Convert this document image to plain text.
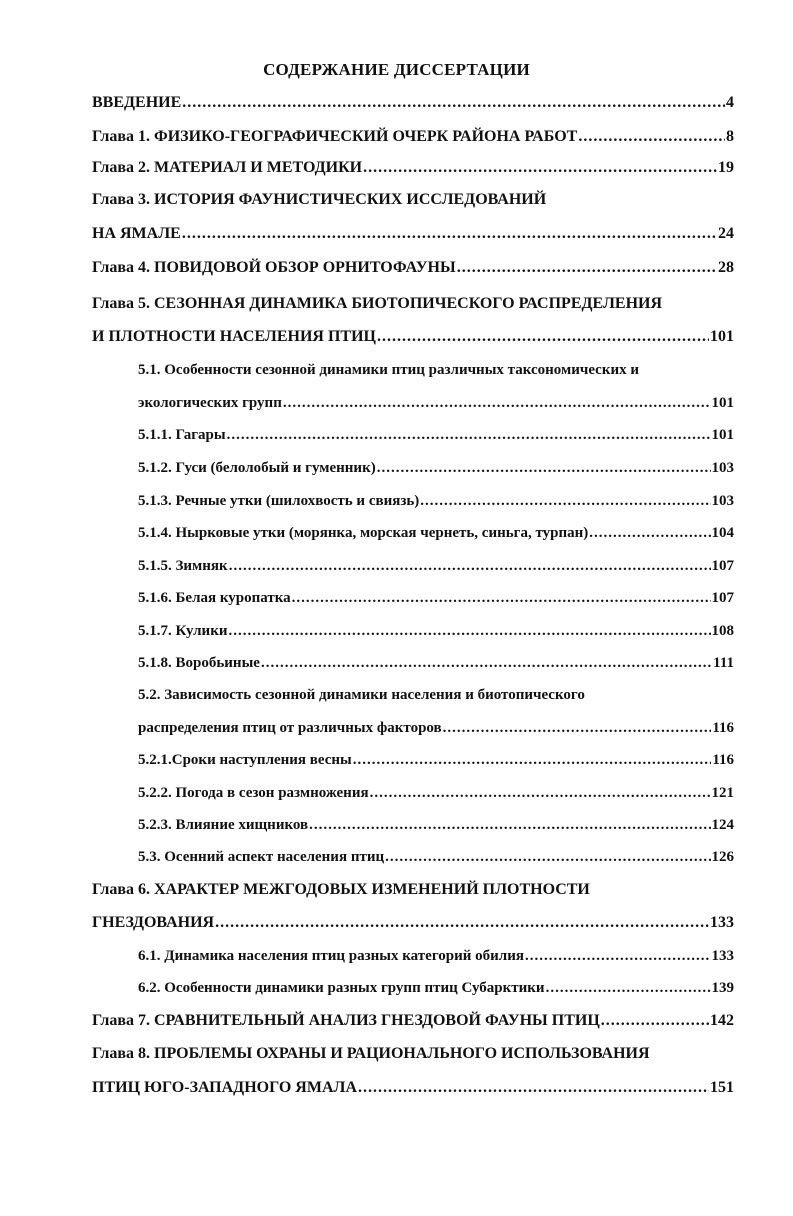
СОДЕРЖАНИЕ ДИССЕРТАЦИИ
ВВЕДЕНИЕ .....	4
Глава 1. ФИЗИКО-ГЕОГРАФИЧЕСКИЙ ОЧЕРК РАЙОНА РАБОТ .....	8
Глава 2. МАТЕРИАЛ И МЕТОДИКИ .....	19
Глава 3. ИСТОРИЯ ФАУНИСТИЧЕСКИХ ИССЛЕДОВАНИЙ
НА ЯМАЛЕ .....	24
Глава 4. ПОВИДОВОЙ ОБЗОР ОРНИТОФАУНЫ .....	28
Глава 5. СЕЗОННАЯ ДИНАМИКА БИОТОПИЧЕСКОГО РАСПРЕДЕЛЕНИЯ
И ПЛОТНОСТИ НАСЕЛЕНИЯ ПТИЦ .....	101
5.1. Особенности сезонной динамики птиц различных таксономических и
экологических групп .....	101
5.1.1. Гагары .....	101
5.1.2. Гуси (белолобый и гуменник) .....	103
5.1.3. Речные утки (шилохвость и свиязь) .....	103
5.1.4. Нырковые утки (морянка, морская чернеть, синьга, турпан) .....	104
5.1.5. Зимняк .....	107
5.1.6. Белая куропатка .....	107
5.1.7. Кулики .....	108
5.1.8. Воробьиные .....	111
5.2. Зависимость сезонной динамики населения и биотопического
распределения птиц от различных факторов .....	116
5.2.1.Сроки наступления весны .....	116
5.2.2. Погода в сезон размножения .....	121
5.2.3. Влияние хищников .....	124
5.3. Осенний аспект населения птиц .....	126
Глава 6. ХАРАКТЕР МЕЖГОДОВЫХ ИЗМЕНЕНИЙ ПЛОТНОСТИ
ГНЕЗДОВАНИЯ .....	133
6.1. Динамика населения птиц разных категорий обилия .....	133
6.2. Особенности динамики разных групп птиц Субарктики .....	139
Глава 7. СРАВНИТЕЛЬНЫЙ АНАЛИЗ ГНЕЗДОВОЙ ФАУНЫ ПТИЦ .....	142
Глава 8. ПРОБЛЕМЫ ОХРАНЫ И РАЦИОНАЛЬНОГО ИСПОЛЬЗОВАНИЯ
ПТИЦ ЮГО-ЗАПАДНОГО ЯМАЛА .....	151
